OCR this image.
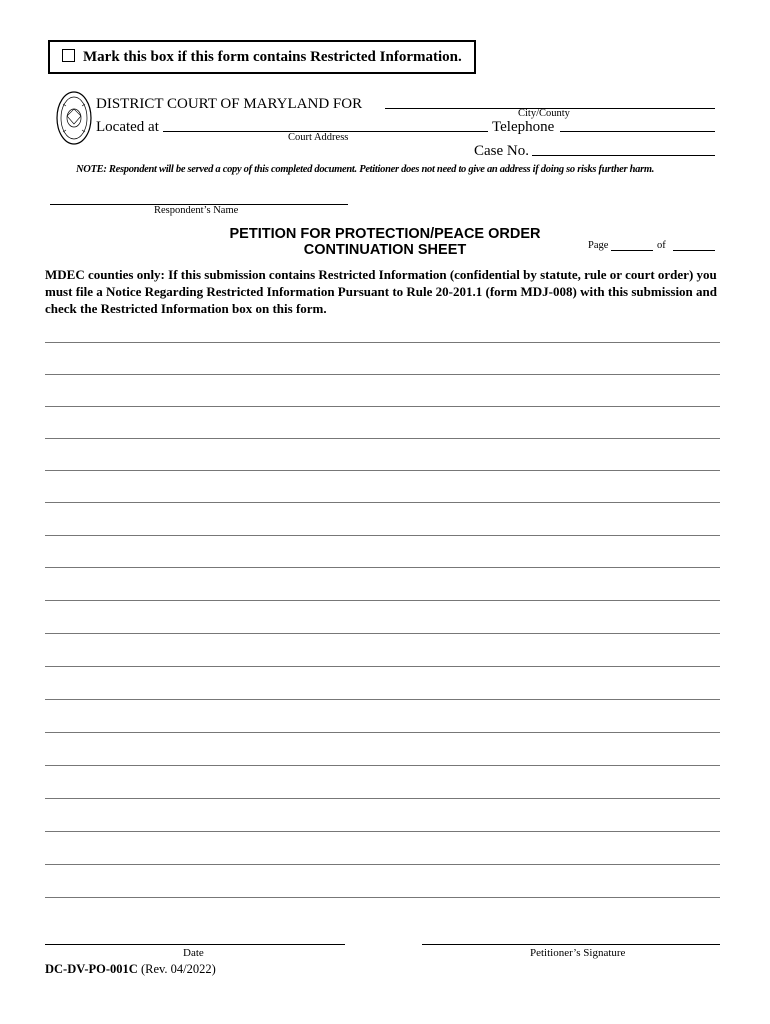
Mark this box if this form contains Restricted Information.
DISTRICT COURT OF MARYLAND FOR
City/County
Located at
Court Address
Telephone
Case No.
NOTE: Respondent will be served a copy of this completed document. Petitioner does not need to give an address if doing so risks further harm.
Respondent’s Name
PETITION FOR PROTECTION/PEACE ORDER
CONTINUATION SHEET	Page	of
MDEC counties only: If this submission contains Restricted Information (confidential by statute, rule or court order) you must file a Notice Regarding Restricted Information Pursuant to Rule 20-201.1 (form MDJ-008) with this submission and check the Restricted Information box on this form.
Date	Petitioner’s Signature
DC-DV-PO-001C (Rev. 04/2022)
